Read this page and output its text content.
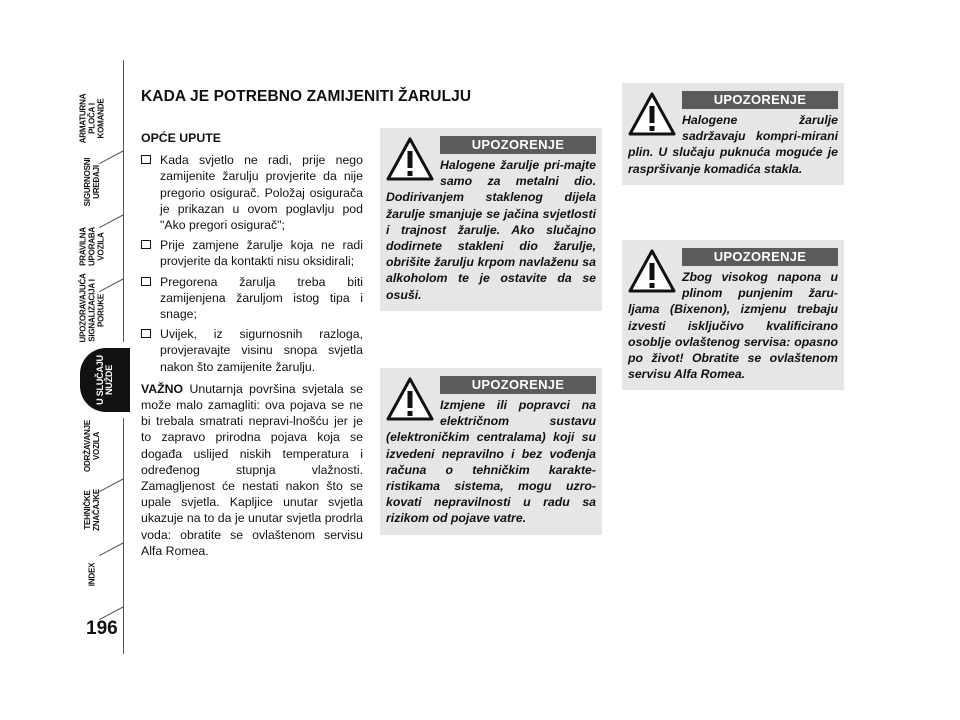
ARMATURNA
PLOČA I
KOMANDE
SIGURNOSNI
UREĐAJI
PRAVILNA
UPORABA
VOZILA
UPOZORAVAJUĆA
SIGNALIZACIJA I
PORUKE
U SLUČAJU
NUŽDE
ODRŽAVANJE
VOZILA
TEHNIČKE
ZNAČAJKE
INDEX
196
KADA JE POTREBNO ZAMIJENITI ŽARULJU
OPĆE UPUTE
Kada svjetlo ne radi, prije nego zamijenite žarulju provjerite da nije pregorio osigurač. Položaj osigurača je prikazan u ovom poglavlju pod "Ako pregori osigurač";
Prije zamjene žarulje koja ne radi provjerite da kontakti nisu oksidirali;
Pregorena žarulja treba biti zamijenjena žaruljom istog tipa i snage;
Uvijek, iz sigurnosnih razloga, provjeravajte visinu snopa svjetla nakon što zamijenite žarulju.
VAŽNO Unutarnja površina svjetala se može malo zamagliti: ova pojava se ne bi trebala smatrati nepravi-lnošću jer je to zapravo prirodna pojava koja se događa uslijed niskih temperatura i određenog stupnja vlažnosti. Zamagljenost će nestati nakon što se upale svjetla. Kapljice unutar svjetla ukazuje na to da je unutar svjetla prodrla voda: obratite se ovlaštenom servisu Alfa Romea.
UPOZORENJE
Halogene žarulje pri-majte samo za metalni dio. Dodirivanjem staklenog dijela žarulje smanjuje se jačina svjetlosti i trajnost žarulje. Ako slučajno dodirnete stakleni dio žarulje, obrišite žarulju krpom navlaženu sa alkoholom te je ostavite da se osuši.
UPOZORENJE
Izmjene ili popravci na električnom sustavu (elektroničkim centralama) koji su izvedeni nepravilno i bez vođenja računa o tehničkim karakte-ristikama sistema, mogu uzro-kovati nepravilnosti u radu sa rizikom od pojave vatre.
UPOZORENJE
Halogene žarulje sadržavaju kompri-mirani plin. U slučaju puknuća moguće je raspršivanje komadića stakla.
UPOZORENJE
Zbog visokog napona u plinom punjenim žaru-ljama (Bixenon), izmjenu trebaju izvesti isključivo kvalificirano osoblje ovlaštenog servisa: opasno po život! Obratite se ovlaštenom servisu Alfa Romea.
